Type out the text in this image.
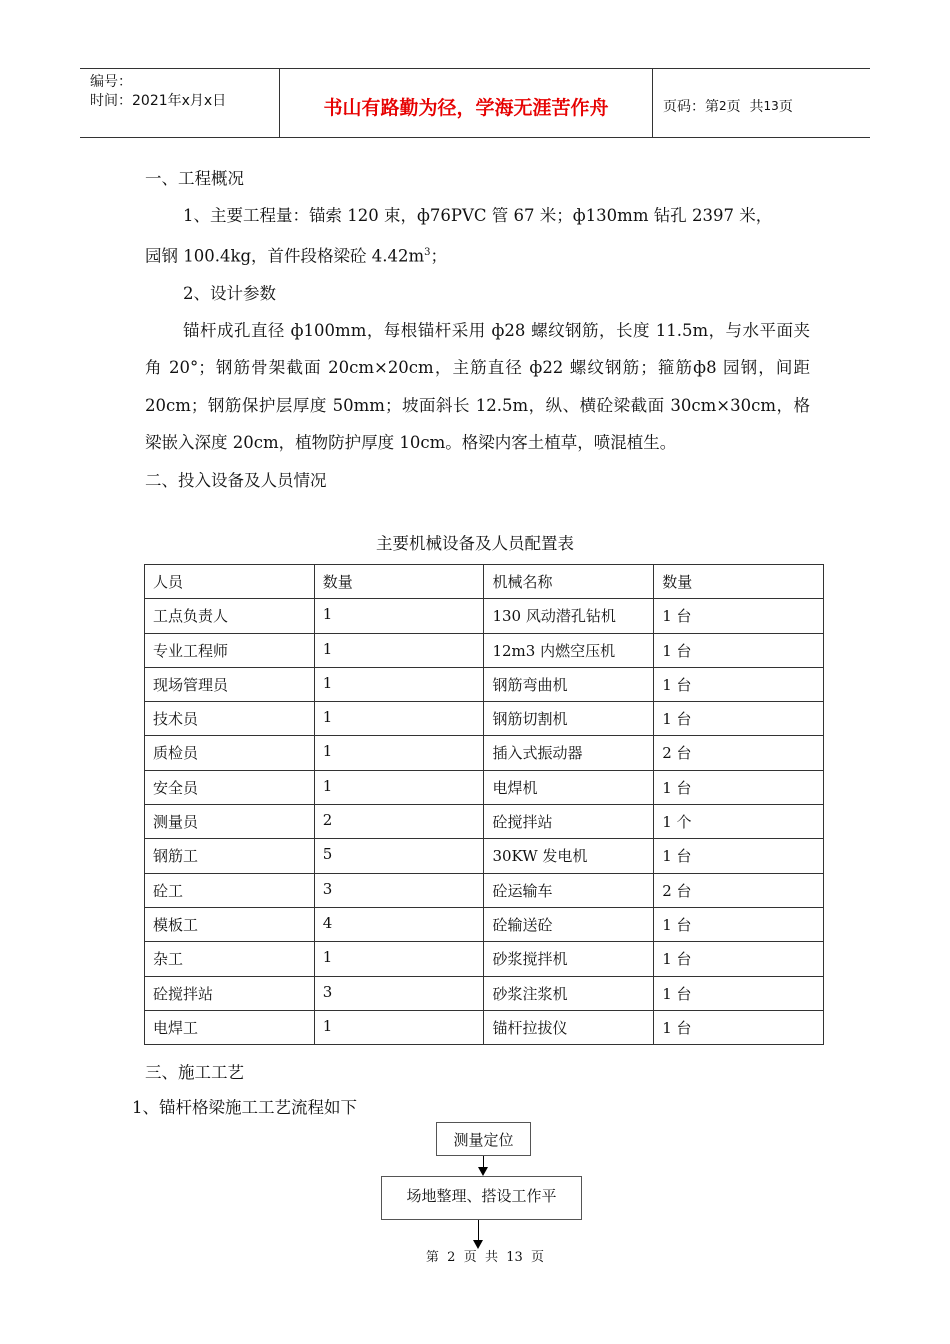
编号：
时间：2021年x月x日	书山有路勤为径，学海无涯苦作舟	页码：第 2 页  共 13 页
一、工程概况
1、主要工程量：锚索 120 束，ф76PVC 管 67 米；ф130mm 钻孔 2397 米，
园钢 100.4kg，首件段格梁砼 $4.42m^3$；
2、设计参数
锚杆成孔直径 ф100mm，每根锚杆采用 ф28 螺纹钢筋，长度 11.5m，与水平面夹角 20°；钢筋骨架截面 20cm×20cm，主筋直径 ф22 螺纹钢筋；箍筋ф8 园钢，间距 20cm；钢筋保护层厚度 50mm；坡面斜长 12.5m，纵、横砼梁截面 30cm×30cm，格梁嵌入深度 20cm，植物防护厚度 10cm。格梁内客土植草，喷混植生。
二、投入设备及人员情况
主要机械设备及人员配置表
人员	数量	机械名称	数量
工点负责人	1	130 风动潜孔钻机	1 台
专业工程师	1	12m3 内燃空压机	1 台
现场管理员	1	钢筋弯曲机	1 台
技术员	1	钢筋切割机	1 台
质检员	1	插入式振动器	2 台
安全员	1	电焊机	1 台
测量员	2	砼搅拌站	1 个
钢筋工	5	30KW 发电机	1 台
砼工	3	砼运输车	2 台
模板工	4	砼输送砼	1 台
杂工	1	砂浆搅拌机	1 台
砼搅拌站	3	砂浆注浆机	1 台
电焊工	1	锚杆拉拔仪	1 台
三、施工工艺
1、锚杆格梁施工工艺流程如下
测量定位
场地整理、搭设工作平
第  2  页  共  13  页
